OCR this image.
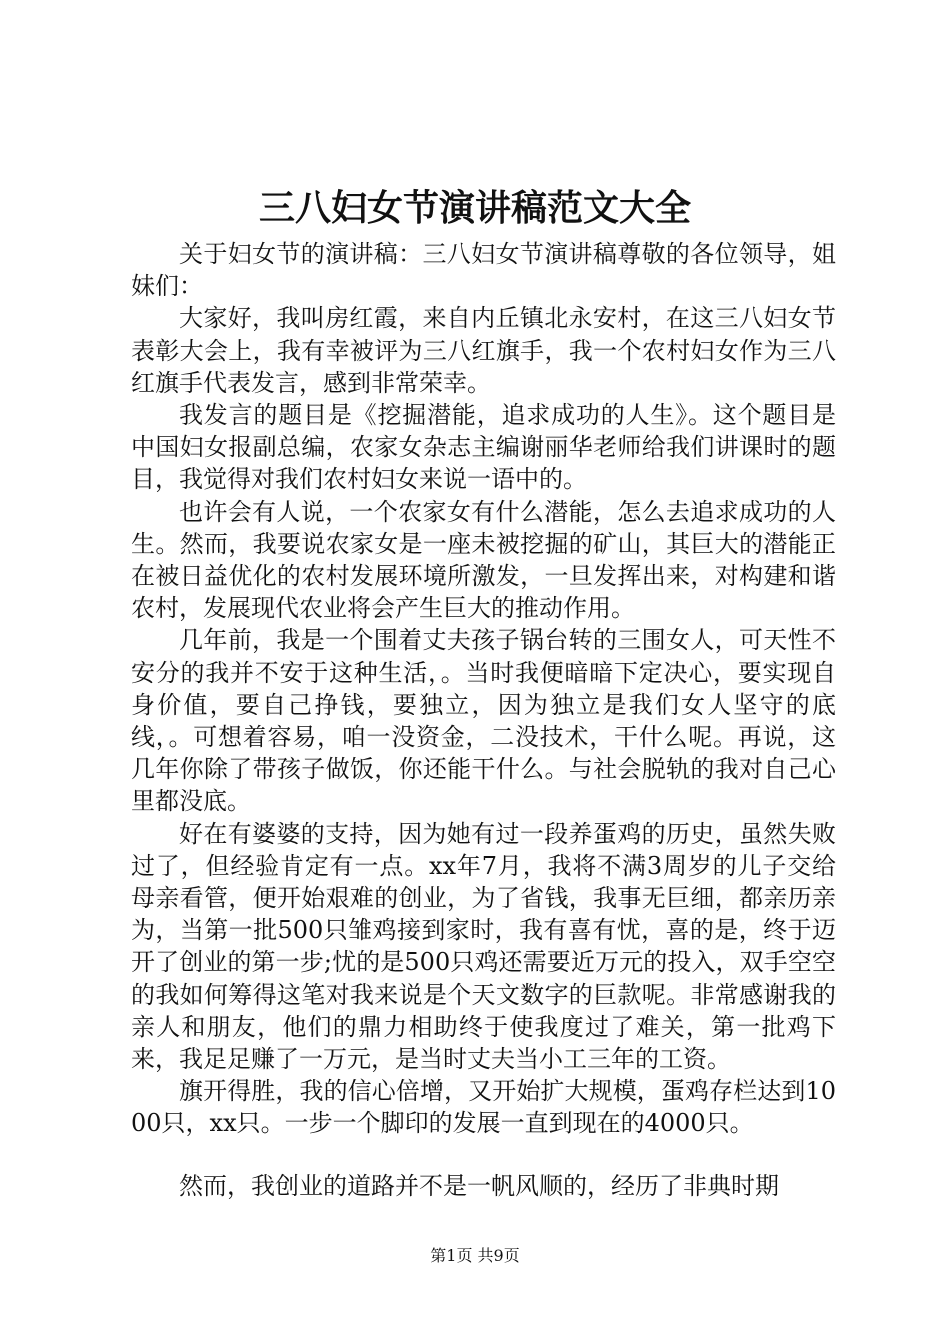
三八妇女节演讲稿范文大全

关于妇女节的演讲稿：三八妇女节演讲稿尊敬的各位领导，姐妹们：

大家好，我叫房红霞，来自内丘镇北永安村，在这三八妇女节表彰大会上，我有幸被评为三八红旗手，我一个农村妇女作为三八红旗手代表发言，感到非常荣幸。

我发言的题目是《挖掘潜能，追求成功的人生》。这个题目是中国妇女报副总编，农家女杂志主编谢丽华老师给我们讲课时的题目，我觉得对我们农村妇女来说一语中的。

也许会有人说，一个农家女有什么潜能，怎么去追求成功的人生。然而，我要说农家女是一座未被挖掘的矿山，其巨大的潜能正在被日益优化的农村发展环境所激发，一旦发挥出来，对构建和谐农村，发展现代农业将会产生巨大的推动作用。

几年前，我是一个围着丈夫孩子锅台转的三围女人，可天性不安分的我并不安于这种生活，。当时我便暗暗下定决心，要实现自身价值，要自己挣钱，要独立，因为独立是我们女人坚守的底线，。可想着容易，咱一没资金，二没技术，干什么呢。再说，这几年你除了带孩子做饭，你还能干什么。与社会脱轨的我对自己心里都没底。

好在有婆婆的支持，因为她有过一段养蛋鸡的历史，虽然失败过了，但经验肯定有一点。xx年7月，我将不满3周岁的儿子交给母亲看管，便开始艰难的创业，为了省钱，我事无巨细，都亲历亲为，当第一批500只雏鸡接到家时，我有喜有忧，喜的是，终于迈开了创业的第一步;忧的是500只鸡还需要近万元的投入，双手空空的我如何筹得这笔对我来说是个天文数字的巨款呢。非常感谢我的亲人和朋友，他们的鼎力相助终于使我度过了难关，第一批鸡下来，我足足赚了一万元，是当时丈夫当小工三年的工资。

旗开得胜，我的信心倍增，又开始扩大规模，蛋鸡存栏达到1000只，xx只。一步一个脚印的发展一直到现在的4000只。

然而，我创业的道路并不是一帆风顺的，经历了非典时期

第1页 共9页
